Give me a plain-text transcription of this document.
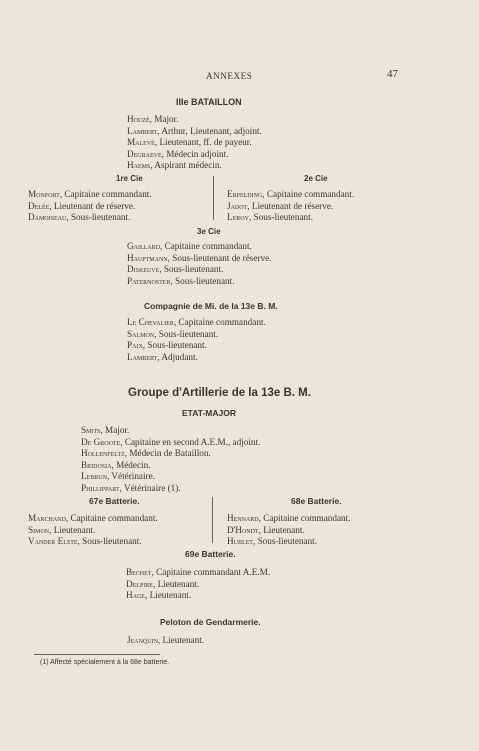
ANNEXES	47
IIIe BATAILLON
Houzé, Major.
Lambert, Arthur, Lieutenant, adjoint.
Malevé, Lieutenant, ff. de payeur.
Degraeve, Médecin adjoint.
Haems, Aspirant médecin.
1re Cie
Monfort, Capitaine commandant.
Delée, Lieutenant de réserve.
Damoiseau, Sous-lieutenant.
2e Cie
Erpelding, Capitaine commandant.
Jadot, Lieutenant de réserve.
Leroy, Sous-lieutenant.
3e Cie
Gaillard, Capitaine commandant.
Hauptmann, Sous-lieutenant de réserve.
Diskeuve, Sous-lieutenant.
Paternoster, Sous-lieutenant.
Compagnie de Mi. de la 13e B. M.
Le Chevalier, Capitaine commandant.
Salmon, Sous-lieutenant.
Paix, Sous-lieutenant.
Lambert, Adjudant.
Groupe d'Artillerie de la 13e B. M.
ETAT-MAJOR
Smits, Major.
De Groote, Capitaine en second A.E.M., adjoint.
Hollenfeltz, Médecin de Bataillon.
Bridosia, Médecin.
Lebrun, Vétérinaire.
Phillippart, Vétérinaire (1).
67e Batterie.
Marchand, Capitaine commandant.
Simon, Lieutenant.
Vander Elste, Sous-lieutenant.
68e Batterie.
Hennard, Capitaine commandant.
D'Hondt, Lieutenant.
Hublet, Sous-lieutenant.
69e Batterie.
Bechet, Capitaine commandant A.E.M.
Delpire, Lieutenant.
Hage, Lieutenant.
Peloton de Gendarmerie.
Jeanquin, Lieutenant.
(1) Affecté spécialement à la 68e batterie.
